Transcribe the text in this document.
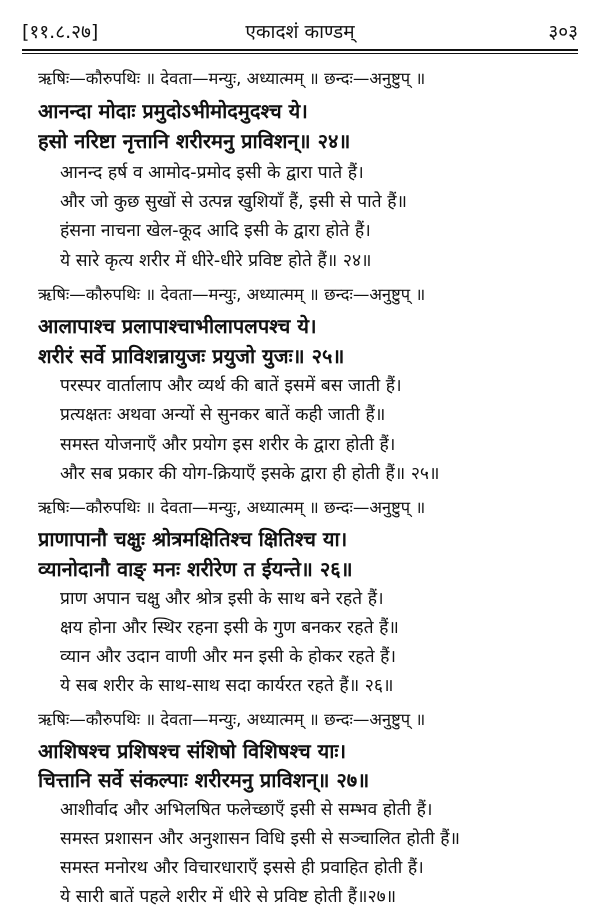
[११.८.२७]	एकादशं काण्डम्	३०३
ऋषिः—कौरुपथिः ॥ देवता—मन्युः, अध्यात्मम् ॥ छन्दः—अनुष्टुप् ॥
आनन्दा मोदाः प्रमुदोऽभीमोदमुदश्च ये।
हसो नरिष्टा नृत्तानि शरीरमनु प्राविशन्॥ २४॥
आनन्द हर्ष व आमोद-प्रमोद इसी के द्वारा पाते हैं।
और जो कुछ सुखों से उत्पन्न खुशियाँ हैं, इसी से पाते हैं॥
हंसना नाचना खेल-कूद आदि इसी के द्वारा होते हैं।
ये सारे कृत्य शरीर में धीरे-धीरे प्रविष्ट होते हैं॥ २४॥
ऋषिः—कौरुपथिः ॥ देवता—मन्युः, अध्यात्मम् ॥ छन्दः—अनुष्टुप् ॥
आलापाश्च प्रलापाश्चाभीलापलपश्च ये।
शरीरं सर्वे प्राविशन्नायुजः प्रयुजो युजः॥ २५॥
परस्पर वार्तालाप और व्यर्थ की बातें इसमें बस जाती हैं।
प्रत्यक्षतः अथवा अन्यों से सुनकर बातें कही जाती हैं॥
समस्त योजनाएँ और प्रयोग इस शरीर के द्वारा होती हैं।
और सब प्रकार की योग-क्रियाएँ इसके द्वारा ही होती हैं॥ २५॥
ऋषिः—कौरुपथिः ॥ देवता—मन्युः, अध्यात्मम् ॥ छन्दः—अनुष्टुप् ॥
प्राणापानौ चक्षुः श्रोत्रमक्षितिश्च क्षितिश्च या।
व्यानोदानौ वाङ् मनः शरीरेण त ईयन्ते॥ २६॥
प्राण अपान चक्षु और श्रोत्र इसी के साथ बने रहते हैं।
क्षय होना और स्थिर रहना इसी के गुण बनकर रहते हैं॥
व्यान और उदान वाणी और मन इसी के होकर रहते हैं।
ये सब शरीर के साथ-साथ सदा कार्यरत रहते हैं॥ २६॥
ऋषिः—कौरुपथिः ॥ देवता—मन्युः, अध्यात्मम् ॥ छन्दः—अनुष्टुप् ॥
आशिषश्च प्रशिषश्च संशिषो विशिषश्च याः।
चित्तानि सर्वे संकल्पाः शरीरमनु प्राविशन्॥ २७॥
आशीर्वाद और अभिलषित फलेच्छाएँ इसी से सम्भव होती हैं।
समस्त प्रशासन और अनुशासन विधि इसी से सञ्चालित होती हैं॥
समस्त मनोरथ और विचारधाराएँ इससे ही प्रवाहित होती हैं।
ये सारी बातें पहले शरीर में धीरे से प्रविष्ट होती हैं॥२७॥
